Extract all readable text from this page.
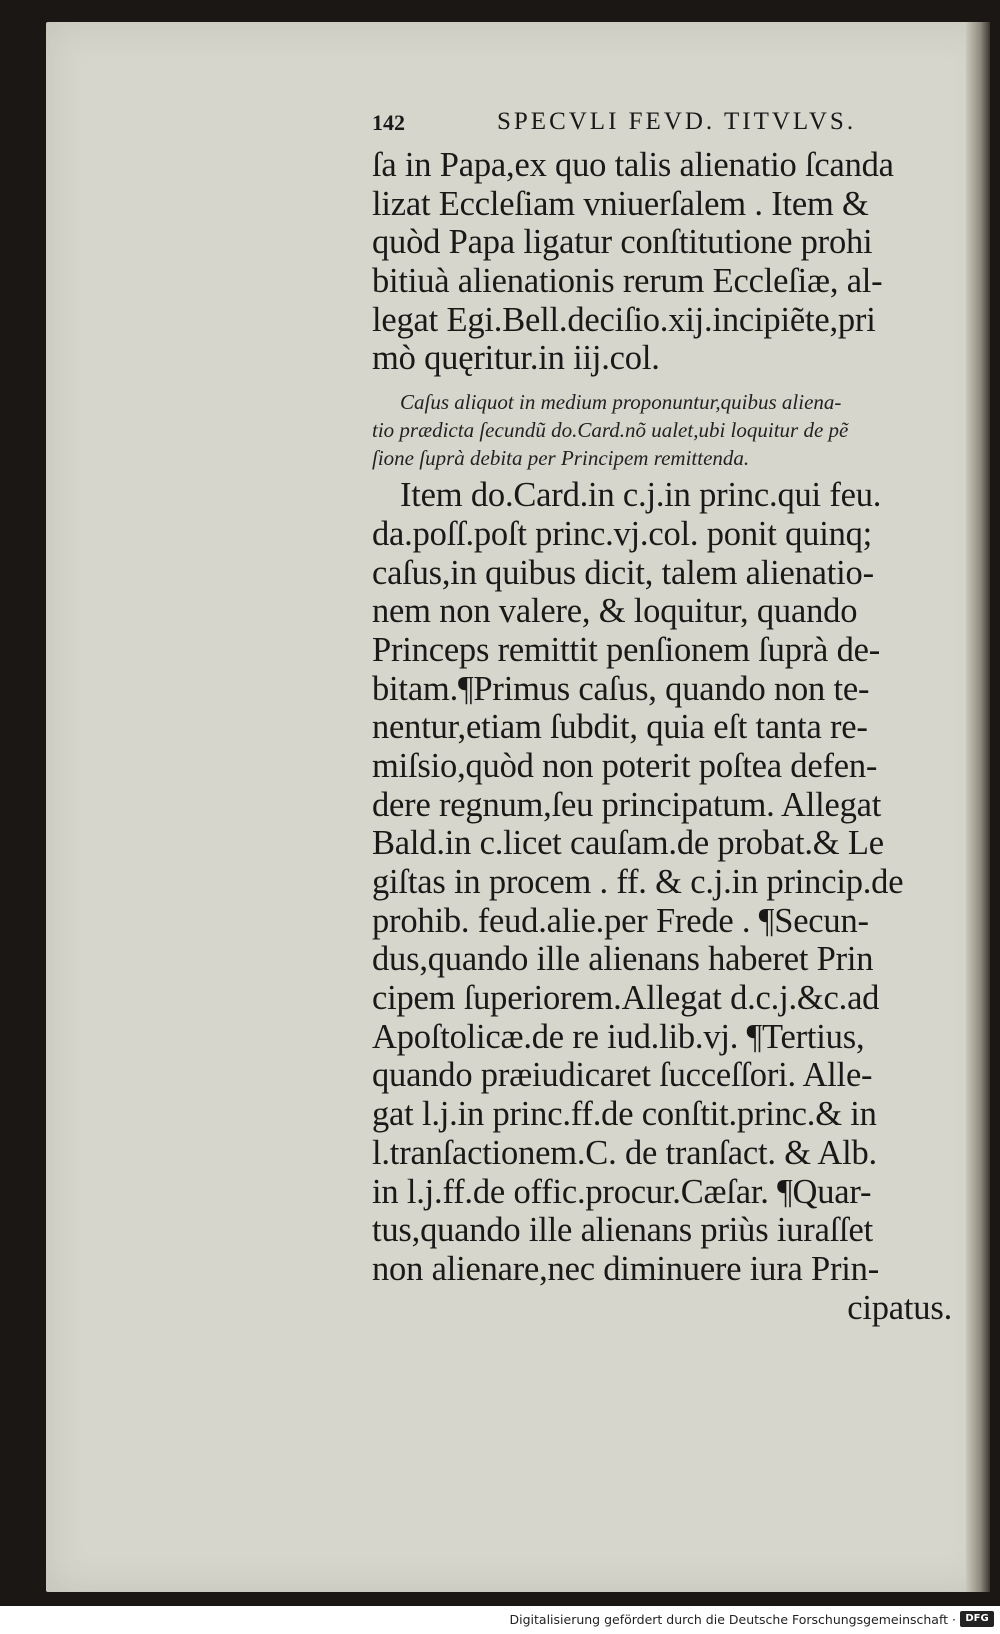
142	SPECVLI FEVD. TITVLVS.
ſa in Papa,ex quo talis alienatio ſcanda
lizat Eccleſiam vniuerſalem . Item &
quòd Papa ligatur conſtitutione prohi
bitiuà alienationis rerum Eccleſiæ, al-
legat Egi.Bell.deciſio.xij.incipiẽte,pri
mò quęritur.in iij.col.
Caſus aliquot in medium proponuntur,quibus aliena-
tio prædicta ſecundũ do.Card.nõ ualet,ubi loquitur de pẽ
ſione ſuprà debita per Principem remittenda.
Item do.Card.in c.j.in princ.qui feu.
da.poſſ.poſt princ.vj.col. ponit quinq;
caſus,in quibus dicit, talem alienatio-
nem non valere, & loquitur, quando
Princeps remittit penſionem ſuprà de-
bitam.¶Primus caſus, quando non te-
nentur,etiam ſubdit, quia eſt tanta re-
miſsio,quòd non poterit poſtea defen-
dere regnum,ſeu principatum. Allegat
Bald.in c.licet cauſam.de probat.& Le
giſtas in procem . ff. & c.j.in princip.de
prohib. feud.alie.per Frede . ¶Secun-
dus,quando ille alienans haberet Prin
cipem ſuperiorem.Allegat d.c.j.&c.ad
Apoſtolicæ.de re iud.lib.vj. ¶Tertius,
quando præiudicaret ſucceſſori. Alle-
gat l.j.in princ.ff.de conſtit.princ.& in
l.tranſactionem.C. de tranſact. & Alb.
in l.j.ff.de offic.procur.Cæſar. ¶Quar-
tus,quando ille alienans priùs iuraſſet
non alienare,nec diminuere iura Prin-
cipatus.
Digitalisierung gefördert durch die Deutsche Forschungsgemeinschaft · DFG
